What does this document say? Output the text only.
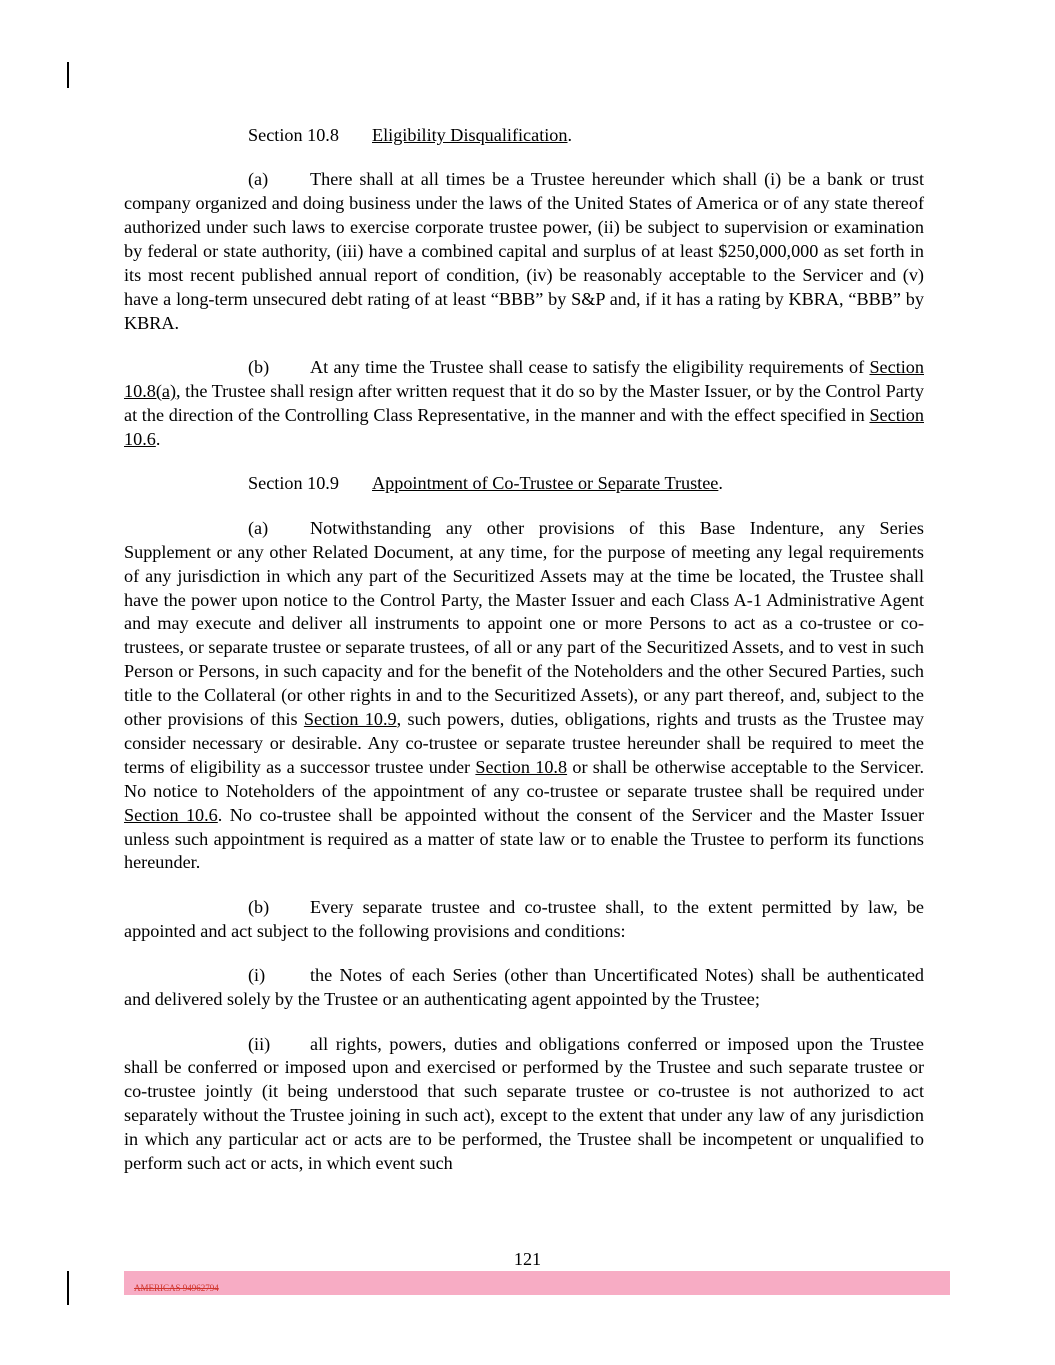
Section 10.8 Eligibility Disqualification.

(a) There shall at all times be a Trustee hereunder which shall (i) be a bank or trust company organized and doing business under the laws of the United States of America or of any state thereof authorized under such laws to exercise corporate trustee power, (ii) be subject to supervision or examination by federal or state authority, (iii) have a combined capital and surplus of at least $250,000,000 as set forth in its most recent published annual report of condition, (iv) be reasonably acceptable to the Servicer and (v) have a long-term unsecured debt rating of at least “BBB” by S&P and, if it has a rating by KBRA, “BBB” by KBRA.

(b) At any time the Trustee shall cease to satisfy the eligibility requirements of Section 10.8(a), the Trustee shall resign after written request that it do so by the Master Issuer, or by the Control Party at the direction of the Controlling Class Representative, in the manner and with the effect specified in Section 10.6.

Section 10.9 Appointment of Co-Trustee or Separate Trustee.

(a) Notwithstanding any other provisions of this Base Indenture, any Series Supplement or any other Related Document, at any time, for the purpose of meeting any legal requirements of any jurisdiction in which any part of the Securitized Assets may at the time be located, the Trustee shall have the power upon notice to the Control Party, the Master Issuer and each Class A-1 Administrative Agent and may execute and deliver all instruments to appoint one or more Persons to act as a co-trustee or co-trustees, or separate trustee or separate trustees, of all or any part of the Securitized Assets, and to vest in such Person or Persons, in such capacity and for the benefit of the Noteholders and the other Secured Parties, such title to the Collateral (or other rights in and to the Securitized Assets), or any part thereof, and, subject to the other provisions of this Section 10.9, such powers, duties, obligations, rights and trusts as the Trustee may consider necessary or desirable. Any co-trustee or separate trustee hereunder shall be required to meet the terms of eligibility as a successor trustee under Section 10.8 or shall be otherwise acceptable to the Servicer. No notice to Noteholders of the appointment of any co-trustee or separate trustee shall be required under Section 10.6. No co-trustee shall be appointed without the consent of the Servicer and the Master Issuer unless such appointment is required as a matter of state law or to enable the Trustee to perform its functions hereunder.

(b) Every separate trustee and co-trustee shall, to the extent permitted by law, be appointed and act subject to the following provisions and conditions:

(i) the Notes of each Series (other than Uncertificated Notes) shall be authenticated and delivered solely by the Trustee or an authenticating agent appointed by the Trustee;

(ii) all rights, powers, duties and obligations conferred or imposed upon the Trustee shall be conferred or imposed upon and exercised or performed by the Trustee and such separate trustee or co-trustee jointly (it being understood that such separate trustee or co-trustee is not authorized to act separately without the Trustee joining in such act), except to the extent that under any law of any jurisdiction in which any particular act or acts are to be performed, the Trustee shall be incompetent or unqualified to perform such act or acts, in which event such

121
AMERICAS 94962794
